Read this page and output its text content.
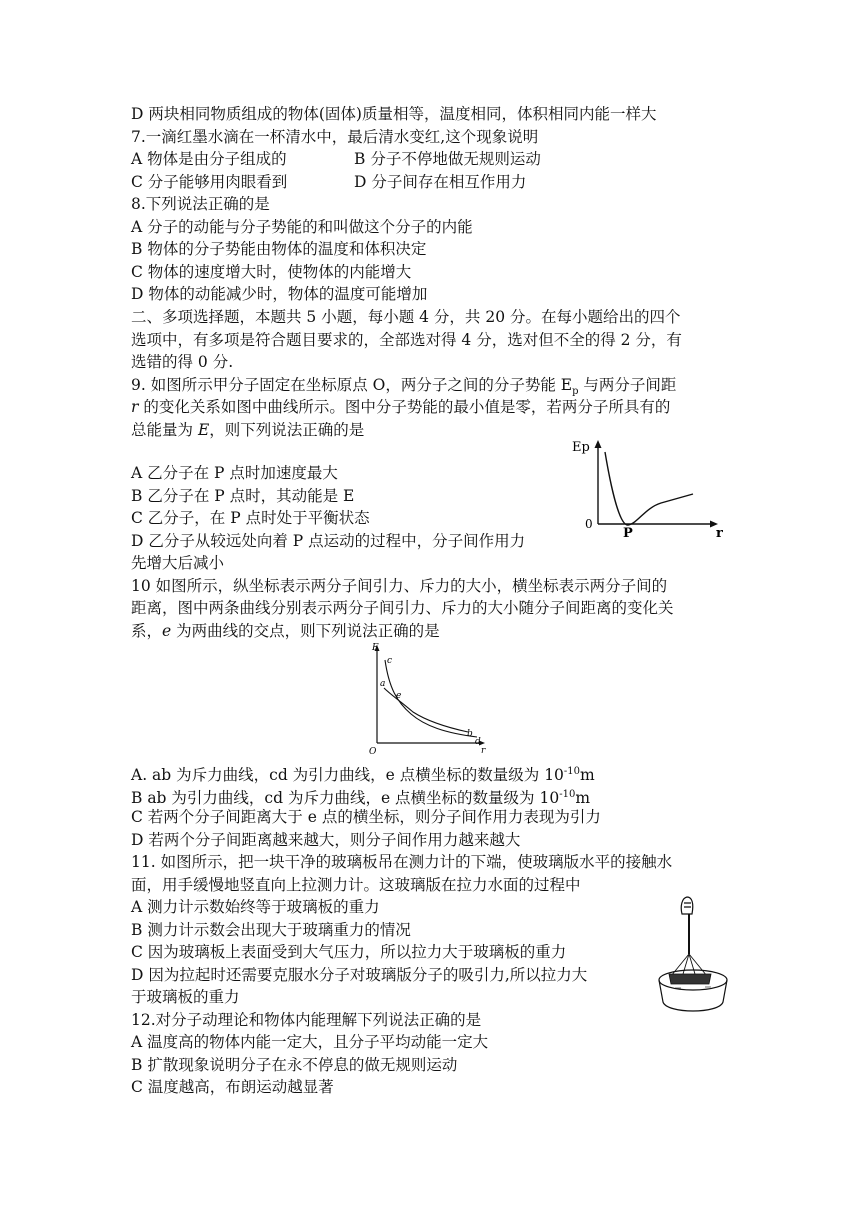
D 两块相同物质组成的物体(固体)质量相等，温度相同，体积相同内能一样大
7.一滴红墨水滴在一杯清水中，最后清水变红,这个现象说明
A 物体是由分子组成的	B 分子不停地做无规则运动
C 分子能够用肉眼看到	D 分子间存在相互作用力
8.下列说法正确的是
A 分子的动能与分子势能的和叫做这个分子的内能
B 物体的分子势能由物体的温度和体积决定
C 物体的速度增大时，使物体的内能增大
D 物体的动能减少时，物体的温度可能增加
二、多项选择题，本题共 5 小题，每小题 4 分，共 20 分。在每小题给出的四个
选项中，有多项是符合题目要求的，全部选对得 4 分，选对但不全的得 2 分，有
选错的得 0 分.
9. 如图所示甲分子固定在坐标原点 O，两分子之间的分子势能 $E_p$ 与两分子间距
r 的变化关系如图中曲线所示。图中分子势能的最小值是零，若两分子所具有的
总能量为 E，则下列说法正确的是
A 乙分子在 P 点时加速度最大
B 乙分子在 P 点时，其动能是 E
C 乙分子，在 P 点时处于平衡状态
D 乙分子从较远处向着 P 点运动的过程中，分子间作用力
先增大后减小
10 如图所示，纵坐标表示两分子间引力、斥力的大小，横坐标表示两分子间的
距离，图中两条曲线分别表示两分子间引力、斥力的大小随分子间距离的变化关
系，e 为两曲线的交点，则下列说法正确的是
A. ab 为斥力曲线，cd 为引力曲线，e 点横坐标的数量级为 $10^{-10}m$
B ab 为引力曲线，cd 为斥力曲线，e 点横坐标的数量级为 $10^{-10}m$
C 若两个分子间距离大于 e 点的横坐标，则分子间作用力表现为引力
D 若两个分子间距离越来越大，则分子间作用力越来越大
11. 如图所示，把一块干净的玻璃板吊在测力计的下端，使玻璃版水平的接触水
面，用手缓慢地竖直向上拉测力计。这玻璃版在拉力水面的过程中
A 测力计示数始终等于玻璃板的重力
B 测力计示数会出现大于玻璃重力的情况
C 因为玻璃板上表面受到大气压力，所以拉力大于玻璃板的重力
D 因为拉起时还需要克服水分子对玻璃版分子的吸引力,所以拉力大
于玻璃板的重力
12.对分子动理论和物体内能理解下列说法正确的是
A 温度高的物体内能一定大，且分子平均动能一定大
B 扩散现象说明分子在永不停息的做无规则运动
C 温度越高，布朗运动越显著
Ep
0
P	r
F
c
a
e
b
d
O	r
